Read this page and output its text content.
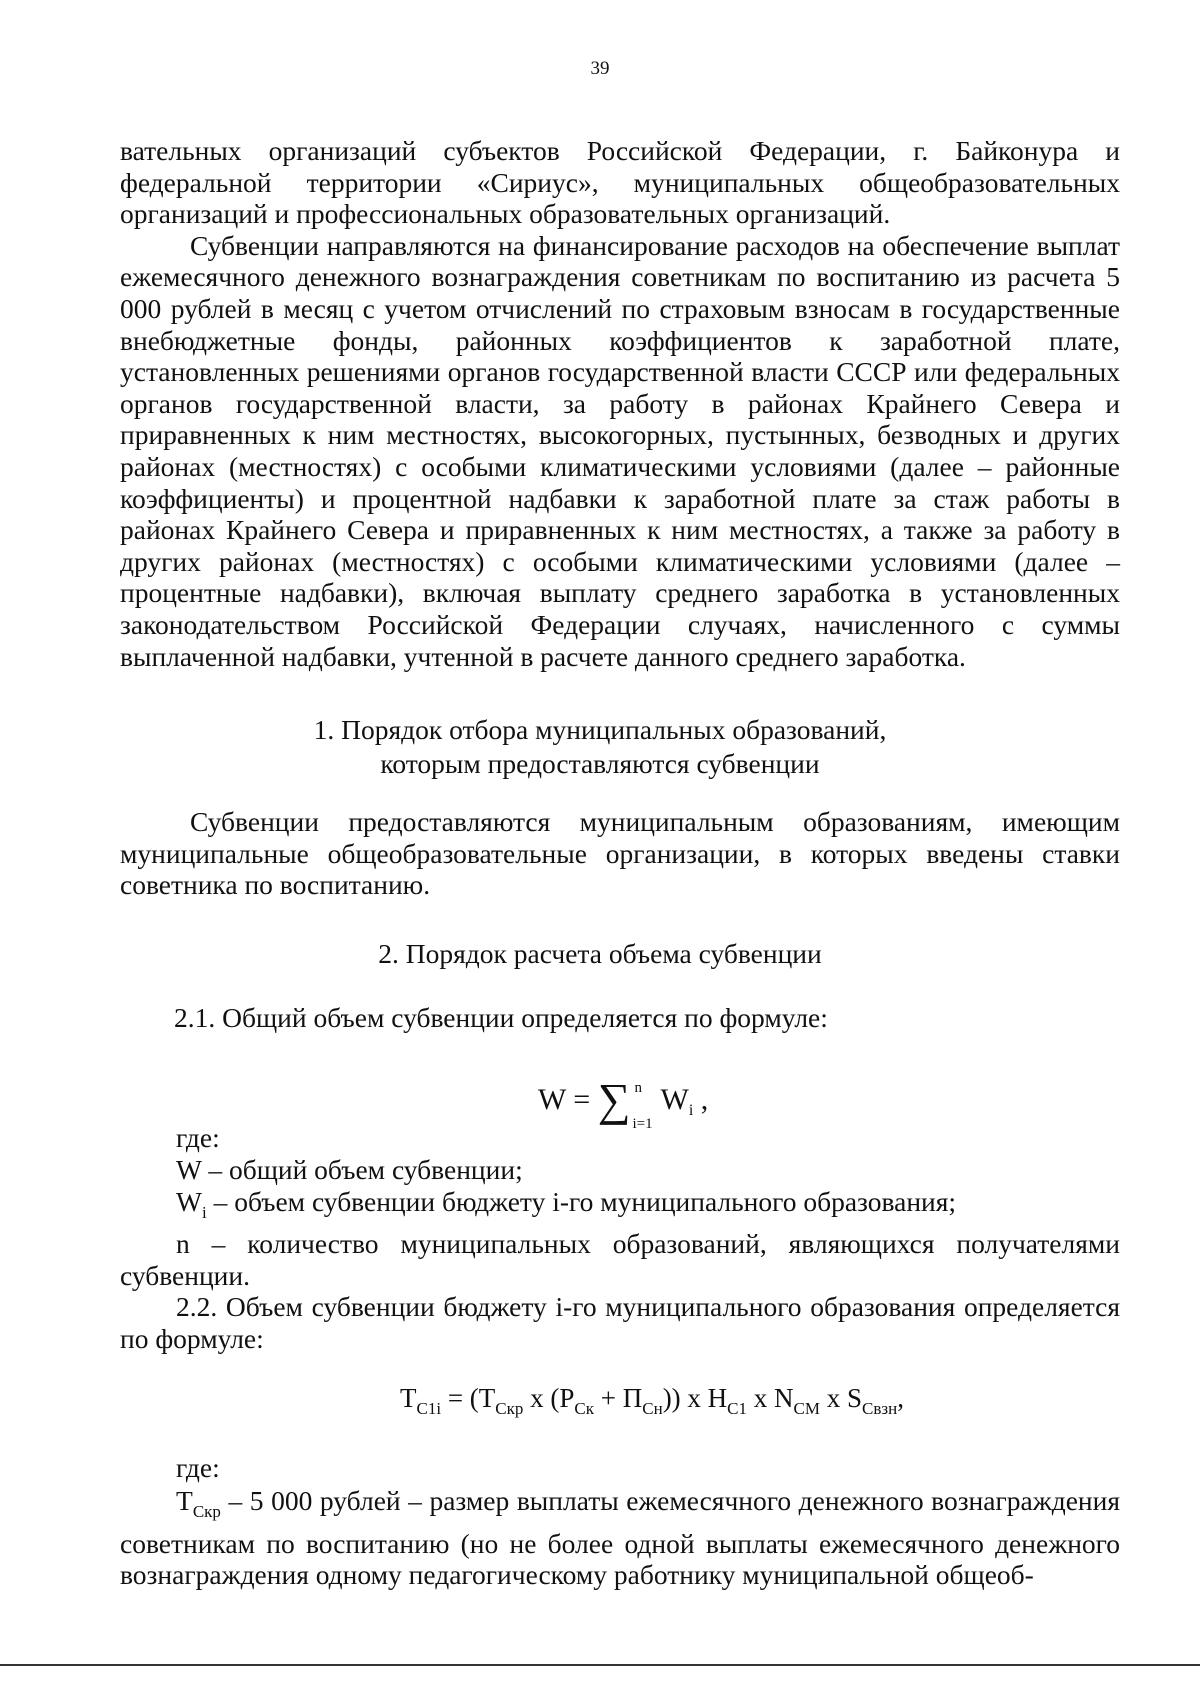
39

вательных организаций субъектов Российской Федерации, г. Байконура и федеральной территории «Сириус», муниципальных общеобразовательных организаций и профессиональных образовательных организаций.

Субвенции направляются на финансирование расходов на обеспечение выплат ежемесячного денежного вознаграждения советникам по воспитанию из расчета 5 000 рублей в месяц с учетом отчислений по страховым взносам в государственные внебюджетные фонды, районных коэффициентов к заработной плате, установленных решениями органов государственной власти СССР или федеральных органов государственной власти, за работу в районах Крайнего Севера и приравненных к ним местностях, высокогорных, пустынных, безводных и других районах (местностях) с особыми климатическими условиями (далее – районные коэффициенты) и процентной надбавки к заработной плате за стаж работы в районах Крайнего Севера и приравненных к ним местностях, а также за работу в других районах (местностях) с особыми климатическими условиями (далее – процентные надбавки), включая выплату среднего заработка в установленных законодательством Российской Федерации случаях, начисленного с суммы выплаченной надбавки, учтенной в расчете данного среднего заработка.

1. Порядок отбора муниципальных образований,
которым предоставляются субвенции

Субвенции предоставляются муниципальным образованиям, имеющим муниципальные общеобразовательные организации, в которых введены ставки советника по воспитанию.

2. Порядок расчета объема субвенции
2.1. Общий объем субвенции определяется по формуле:
W = ∑ n
i=1
$W_i$ ,
где:

W – общий объем субвенции;

$W_i$ – объем субвенции бюджету i-го муниципального образования;

n – количество муниципальных образований, являющихся получателями субвенции.

2.2. Объем субвенции бюджету i-го муниципального образования определяется по формуле:

$T_{C1i} = (T_{Скр}$ x $(P_{Ск} + П_{Сн})$) x $H_{C1}$ x $N_{СМ}$ x $S_{Свзн}$,
где:

$T_{Скр} - 5$ 000 рублей – размер выплаты ежемесячного денежного вознаграждения советникам по воспитанию (но не более одной выплаты ежемесячного денежного вознаграждения одному педагогическому работнику муниципальной общеоб-
